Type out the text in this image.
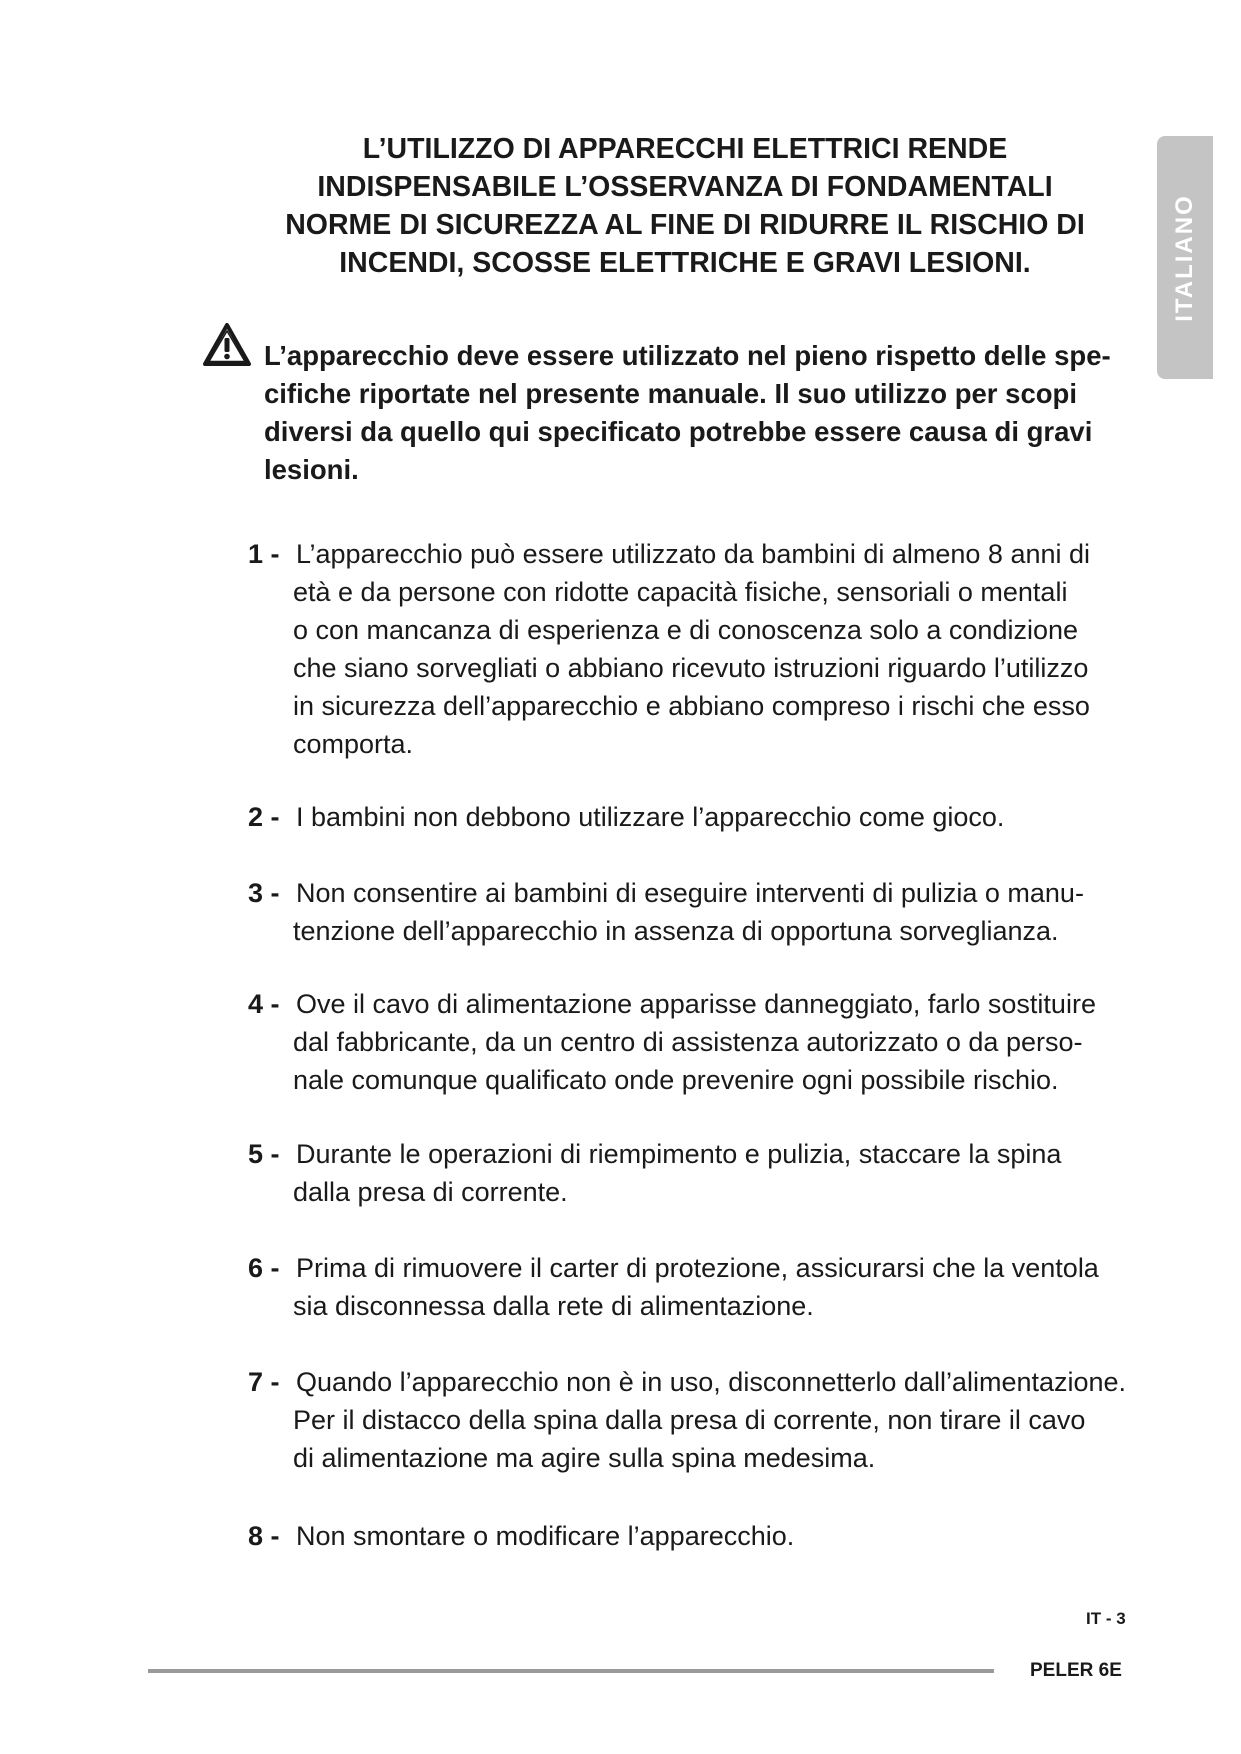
ITALIANO
L’UTILIZZO DI APPARECCHI ELETTRICI RENDE
INDISPENSABILE L’OSSERVANZA DI FONDAMENTALI
NORME DI SICUREZZA AL FINE DI RIDURRE IL RISCHIO DI
INCENDI, SCOSSE ELETTRICHE E GRAVI LESIONI.
L’apparecchio deve essere utilizzato nel pieno rispetto delle spe-
cifiche riportate nel presente manuale. Il suo utilizzo per scopi
diversi da quello qui specificato potrebbe essere causa di gravi
lesioni.
1 - L’apparecchio può essere utilizzato da bambini di almeno 8 anni di
età e da persone con ridotte capacità fisiche, sensoriali o mentali
o con mancanza di esperienza e di conoscenza solo a condizione
che siano sorvegliati o abbiano ricevuto istruzioni riguardo l’utilizzo
in sicurezza dell’apparecchio e abbiano compreso i rischi che esso
comporta.
2 - I bambini non debbono utilizzare l’apparecchio come gioco.
3 - Non consentire ai bambini di eseguire interventi di pulizia o manu-
tenzione dell’apparecchio in assenza di opportuna sorveglianza.
4 - Ove il cavo di alimentazione apparisse danneggiato, farlo sostituire
dal fabbricante, da un centro di assistenza autorizzato o da perso-
nale comunque qualificato onde prevenire ogni possibile rischio.
5 - Durante le operazioni di riempimento e pulizia, staccare la spina
dalla presa di corrente.
6 - Prima di rimuovere il carter di protezione, assicurarsi che la ventola
sia disconnessa dalla rete di alimentazione.
7 - Quando l’apparecchio non è in uso, disconnetterlo dall’alimentazione.
Per il distacco della spina dalla presa di corrente, non tirare il cavo
di alimentazione ma agire sulla spina medesima.
8 - Non smontare o modificare l’apparecchio.
IT - 3
PELER 6E
